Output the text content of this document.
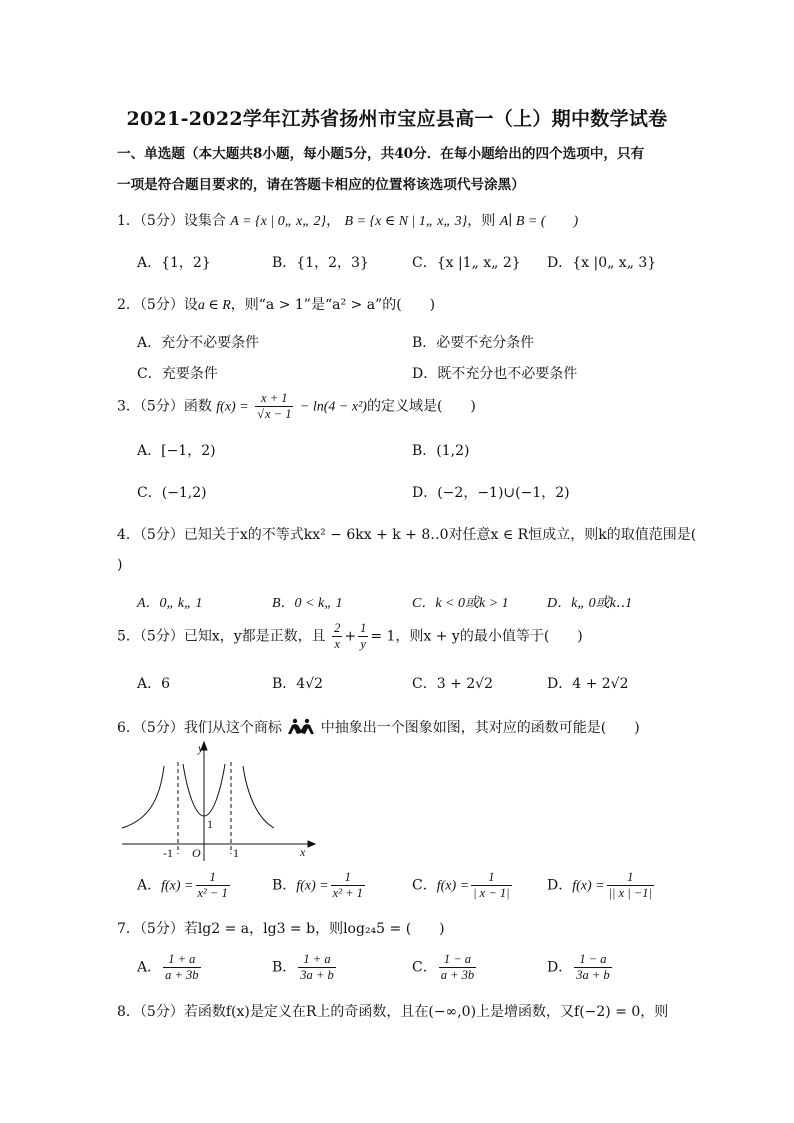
2021-2022学年江苏省扬州市宝应县高一（上）期中数学试卷
一、单选题（本大题共8小题，每小题5分，共40分．在每小题给出的四个选项中，只有
一项是符合题目要求的，请在答题卡相应的位置将该选项代号涂黑）
1．（5分）设集合 A = {x | 0„ x„ 2}， B = {x ∈ N | 1„ x„ 3}，则 A∣ B = (　　)
A．{1，2}	B．{1，2，3}	C．{x |1„ x„ 2} D．{x |0„ x„ 3}
2．（5分）设a ∈ R，则“a > 1”是“a² > a”的(　　)
A．充分不必要条件	B．必要不充分条件
C．充要条件	D．既不充分也不必要条件
3．（5分）函数 $f(x) = \frac{x + 1}{√x - 1} - \ln(4 - x^2)$的定义域是(　　)
A．[−1，2)	B．(1,2)
C．(−1,2)	D．(−2，−1)∪(−1，2)
4．（5分）已知关于x的不等式kx² − 6kx + k + 8‥0对任意x ∈ R恒成立，则k的取值范围是(
)
A．0„ k„ 1	B．0 < k„ 1	C．k < 0或k > 1	D．k„ 0或k‥1
5．（5分）已知x，y都是正数，且 $\frac{2}{x} + \frac{1}{y} = 1$，则x + y的最小值等于(　　)
A．6	B．4√2	C．3 + 2√2	D．4 + 2√2
6．（5分）我们从这个商标	中抽象出一个图象如图，其对应的函数可能是(　　)
y
x
O
1
-1	1
A．$f(x) = \frac{1}{\text{x² − 1}}$	B．$f(x) = \frac{1}{\text{x² + 1}}$	C．$f(x) = \frac{1}{| x - 1|}$	D．$f(x) = \frac{1}{|| x | -1|}$
7．（5分）若lg2 = a，lg3 = b，则log₂₄5 = (　　)
A． $\frac{1 + a}{a + 3b}$	B． $\frac{1 + a}{3a + b}$	C． $\frac{1 - a}{a + 3b}$	D． $\frac{1 - a}{3a + b}$
8．（5分）若函数f(x)是定义在R上的奇函数，且在(−∞,0)上是增函数，又f(−2) = 0，则
